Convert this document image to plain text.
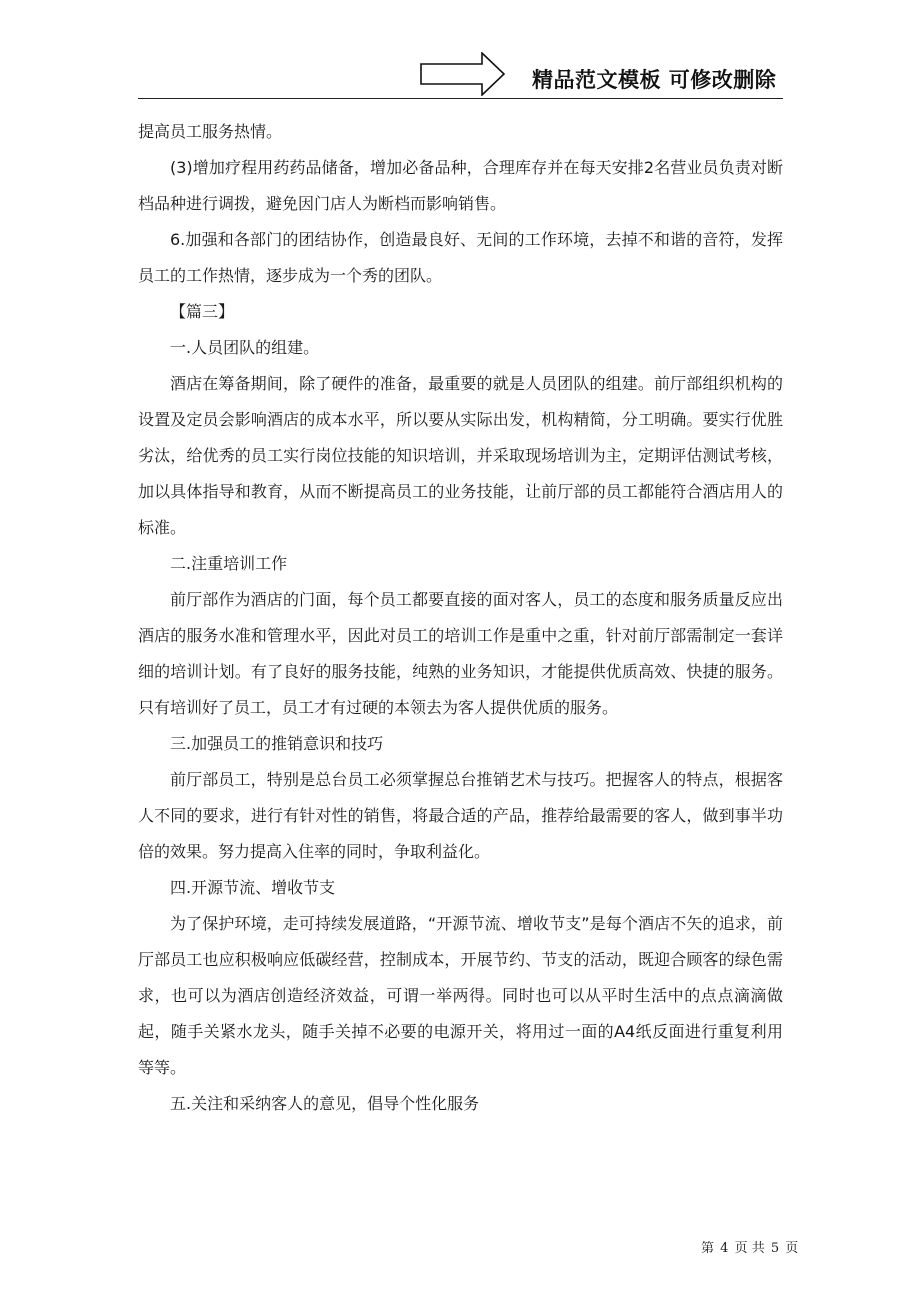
精品范文模板 可修改删除

提高员工服务热情。

(3)增加疗程用药药品储备，增加必备品种，合理库存并在每天安排2名营业员负责对断档品种进行调拨，避免因门店人为断档而影响销售。

6.加强和各部门的团结协作，创造最良好、无间的工作环境，去掉不和谐的音符，发挥员工的工作热情，逐步成为一个秀的团队。

【篇三】

一.人员团队的组建。

酒店在筹备期间，除了硬件的准备，最重要的就是人员团队的组建。前厅部组织机构的设置及定员会影响酒店的成本水平，所以要从实际出发，机构精简，分工明确。要实行优胜劣汰，给优秀的员工实行岗位技能的知识培训，并采取现场培训为主，定期评估测试考核，加以具体指导和教育，从而不断提高员工的业务技能，让前厅部的员工都能符合酒店用人的标准。

二.注重培训工作

前厅部作为酒店的门面，每个员工都要直接的面对客人，员工的态度和服务质量反应出酒店的服务水准和管理水平，因此对员工的培训工作是重中之重，针对前厅部需制定一套详细的培训计划。有了良好的服务技能，纯熟的业务知识，才能提供优质高效、快捷的服务。只有培训好了员工，员工才有过硬的本领去为客人提供优质的服务。

三.加强员工的推销意识和技巧

前厅部员工，特别是总台员工必须掌握总台推销艺术与技巧。把握客人的特点，根据客人不同的要求，进行有针对性的销售，将最合适的产品，推荐给最需要的客人，做到事半功倍的效果。努力提高入住率的同时，争取利益化。

四.开源节流、增收节支

为了保护环境，走可持续发展道路，“开源节流、增收节支”是每个酒店不矢的追求，前厅部员工也应积极响应低碳经营，控制成本，开展节约、节支的活动，既迎合顾客的绿色需求，也可以为酒店创造经济效益，可谓一举两得。同时也可以从平时生活中的点点滴滴做起，随手关紧水龙头，随手关掉不必要的电源开关，将用过一面的A4纸反面进行重复利用等等。

五.关注和采纳客人的意见，倡导个性化服务

第 4 页 共 5 页
